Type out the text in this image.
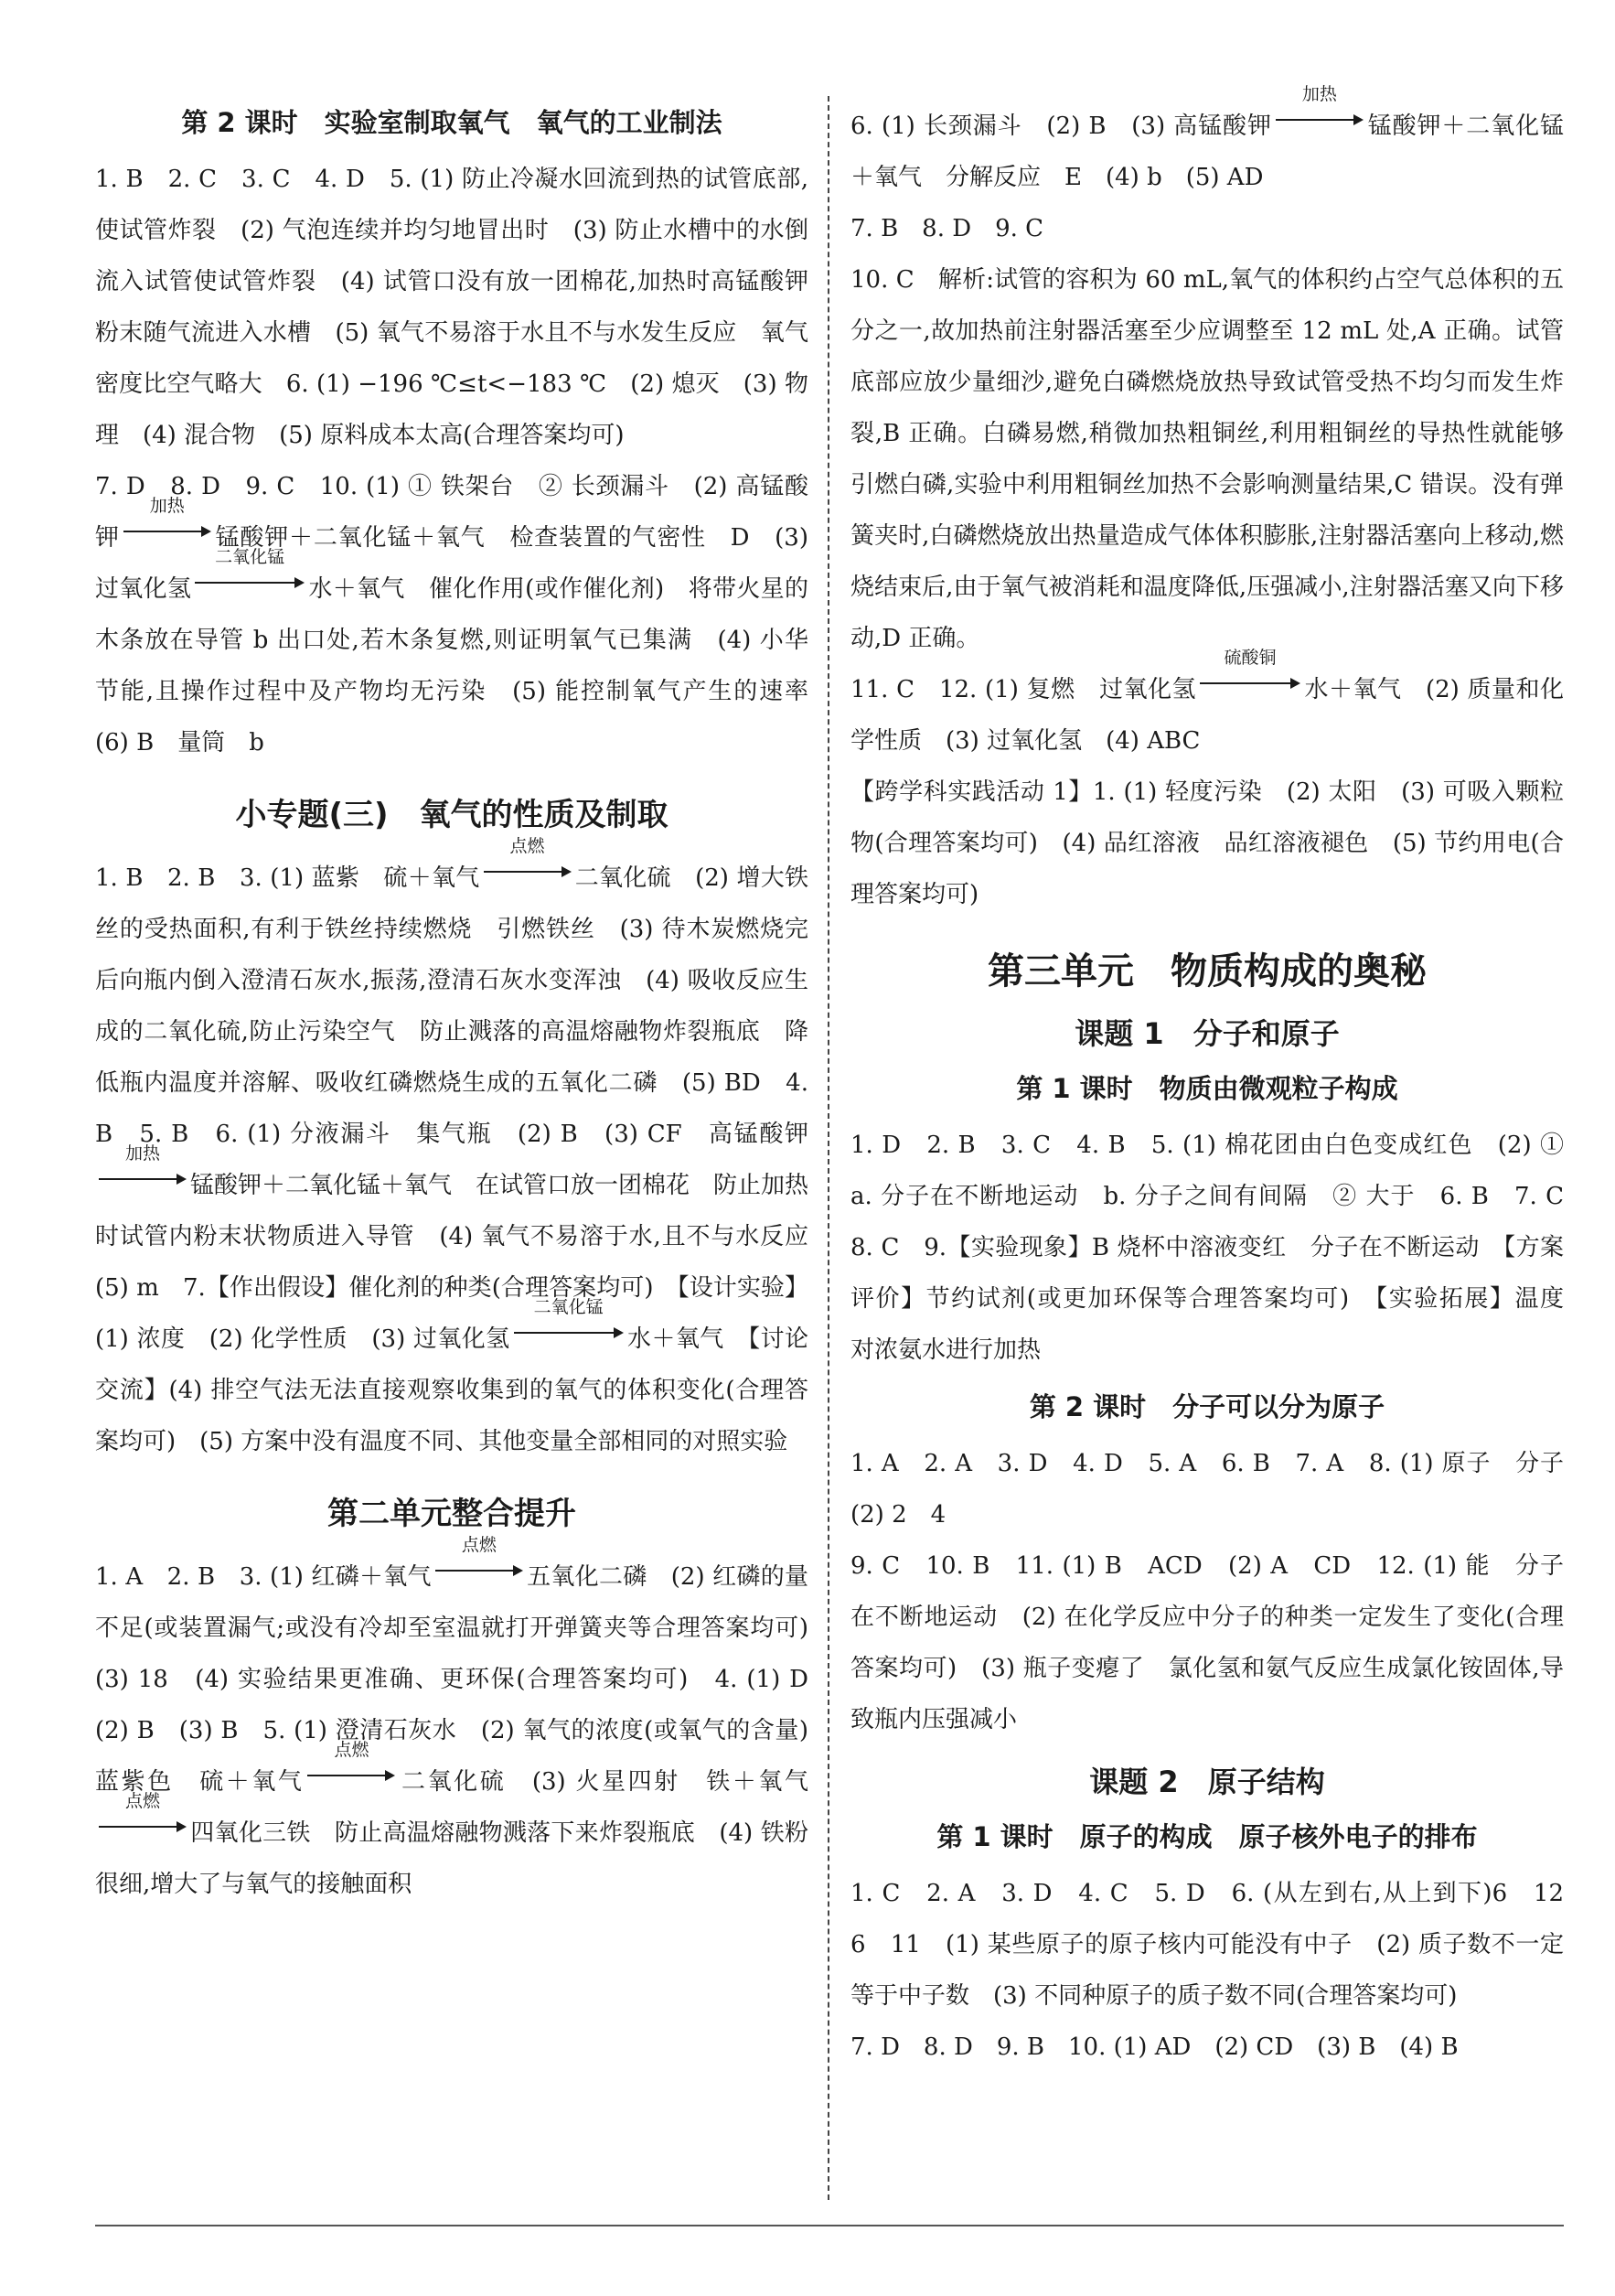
第 2 课时　实验室制取氧气　氧气的工业制法

1. B　2. C　3. C　4. D　5. (1) 防止冷凝水回流到热的试管底部,使试管炸裂　(2) 气泡连续并均匀地冒出时　(3) 防止水槽中的水倒流入试管使试管炸裂　(4) 试管口没有放一团棉花,加热时高锰酸钾粉末随气流进入水槽　(5) 氧气不易溶于水且不与水发生反应　氧气密度比空气略大　6. (1) −196 ℃≤t<−183 ℃　(2) 熄灭　(3) 物理　(4) 混合物　(5) 原料成本太高(合理答案均可)

7. D　8. D　9. C　10. (1) ① 铁架台　② 长颈漏斗　(2) 高锰酸钾
加热
锰酸钾＋二氧化锰＋氧气　检查装置的气密性　D　(3) 过氧化氢
二氧化锰
水＋氧气　催化作用(或作催化剂)　将带火星的木条放在导管 b 出口处,若木条复燃,则证明氧气已集满　(4) 小华　节能,且操作过程中及产物均无污染　(5) 能控制氧气产生的速率　(6) B　量筒　b

小专题(三)　氧气的性质及制取

1. B　2. B　3. (1) 蓝紫　硫＋氧气
点燃
二氧化硫　(2) 增大铁丝的受热面积,有利于铁丝持续燃烧　引燃铁丝　(3) 待木炭燃烧完后向瓶内倒入澄清石灰水,振荡,澄清石灰水变浑浊　(4) 吸收反应生成的二氧化硫,防止污染空气　防止溅落的高温熔融物炸裂瓶底　降低瓶内温度并溶解、吸收红磷燃烧生成的五氧化二磷　(5) BD　4. B　5. B　6. (1) 分液漏斗　集气瓶　(2) B　(3) CF　高锰酸钾
加热
锰酸钾＋二氧化锰＋氧气　在试管口放一团棉花　防止加热时试管内粉末状物质进入导管　(4) 氧气不易溶于水,且不与水反应　(5) m　7.【作出假设】催化剂的种类(合理答案均可)　【设计实验】(1) 浓度　(2) 化学性质　(3) 过氧化氢
二氧化锰
水＋氧气　【讨论交流】(4) 排空气法无法直接观察收集到的氧气的体积变化(合理答案均可)　(5) 方案中没有温度不同、其他变量全部相同的对照实验

第二单元整合提升

1. A　2. B　3. (1) 红磷＋氧气
点燃
五氧化二磷　(2) 红磷的量不足(或装置漏气;或没有冷却至室温就打开弹簧夹等合理答案均可)　(3) 18　(4) 实验结果更准确、更环保(合理答案均可)　4. (1) D　(2) B　(3) B　5. (1) 澄清石灰水　(2) 氧气的浓度(或氧气的含量)　蓝紫色　硫＋氧气
点燃
二氧化硫　(3) 火星四射　铁＋氧气
点燃
四氧化三铁　防止高温熔融物溅落下来炸裂瓶底　(4) 铁粉很细,增大了与氧气的接触面积

6. (1) 长颈漏斗　(2) B　(3) 高锰酸钾
加热
锰酸钾＋二氧化锰＋氧气　分解反应　E　(4) b　(5) AD

7. B　8. D　9. C

10. C　解析:试管的容积为 60 mL,氧气的体积约占空气总体积的五分之一,故加热前注射器活塞至少应调整至 12 mL 处,A 正确。试管底部应放少量细沙,避免白磷燃烧放热导致试管受热不均匀而发生炸裂,B 正确。白磷易燃,稍微加热粗铜丝,利用粗铜丝的导热性就能够引燃白磷,实验中利用粗铜丝加热不会影响测量结果,C 错误。没有弹簧夹时,白磷燃烧放出热量造成气体体积膨胀,注射器活塞向上移动,燃烧结束后,由于氧气被消耗和温度降低,压强减小,注射器活塞又向下移动,D 正确。

11. C　12. (1) 复燃　过氧化氢
硫酸铜
水＋氧气　(2) 质量和化学性质　(3) 过氧化氢　(4) ABC

【跨学科实践活动 1】1. (1) 轻度污染　(2) 太阳　(3) 可吸入颗粒物(合理答案均可)　(4) 品红溶液　品红溶液褪色　(5) 节约用电(合理答案均可)

第三单元　物质构成的奥秘
课题 1　分子和原子
第 1 课时　物质由微观粒子构成

1. D　2. B　3. C　4. B　5. (1) 棉花团由白色变成红色　(2) ① a. 分子在不断地运动　b. 分子之间有间隔　② 大于　6. B　7. C　8. C　9.【实验现象】B 烧杯中溶液变红　分子在不断运动　【方案评价】节约试剂(或更加环保等合理答案均可)　【实验拓展】温度　对浓氨水进行加热

第 2 课时　分子可以分为原子

1. A　2. A　3. D　4. D　5. A　6. B　7. A　8. (1) 原子　分子　(2) 2　4

9. C　10. B　11. (1) B　ACD　(2) A　CD　12. (1) 能　分子在不断地运动　(2) 在化学反应中分子的种类一定发生了变化(合理答案均可)　(3) 瓶子变瘪了　氯化氢和氨气反应生成氯化铵固体,导致瓶内压强减小

课题 2　原子结构
第 1 课时　原子的构成　原子核外电子的排布

1. C　2. A　3. D　4. C　5. D　6. (从左到右,从上到下)6　12　6　11　(1) 某些原子的原子核内可能没有中子　(2) 质子数不一定等于中子数　(3) 不同种原子的质子数不同(合理答案均可)

7. D　8. D　9. B　10. (1) AD　(2) CD　(3) B　(4) B
